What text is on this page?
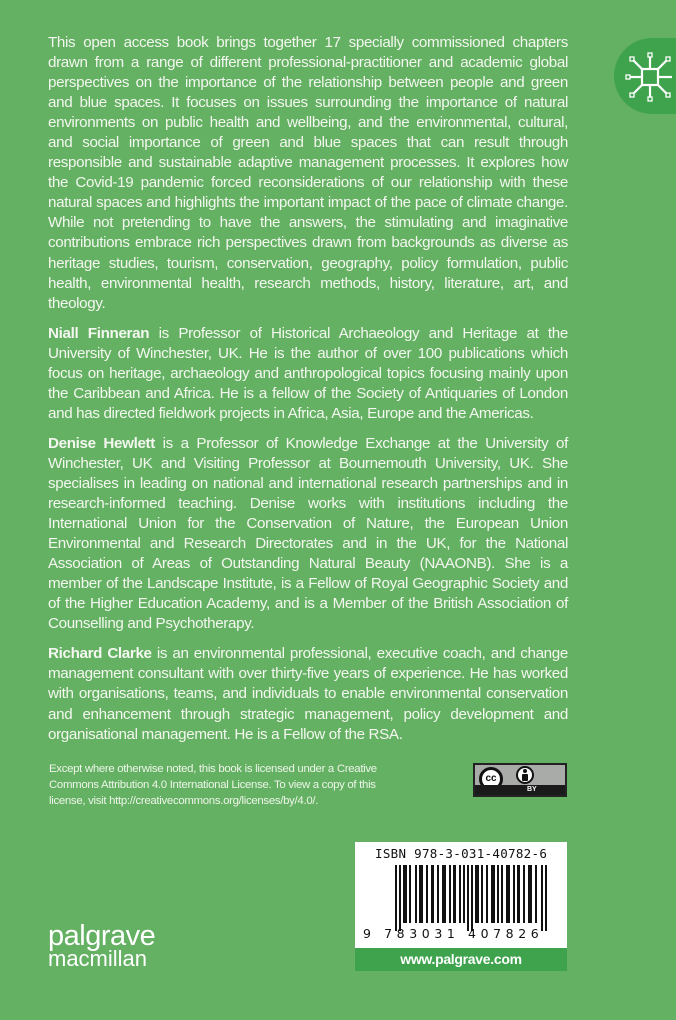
This open access book brings together 17 specially commissioned chapters drawn from a range of different professional-practitioner and academic global perspectives on the importance of the relationship between people and green and blue spaces. It focuses on issues surrounding the importance of natural environments on public health and wellbeing, and the environmental, cultural, and social importance of green and blue spaces that can result through responsible and sustainable adaptive management processes. It explores how the Covid-19 pandemic forced reconsiderations of our relationship with these natural spaces and highlights the important impact of the pace of climate change. While not pretending to have the answers, the stimulating and imaginative contributions embrace rich perspectives drawn from backgrounds as diverse as heritage studies, tourism, conservation, geography, policy formulation, public health, environmental health, research methods, history, literature, art, and theology.

Niall Finneran is Professor of Historical Archaeology and Heritage at the University of Winchester, UK. He is the author of over 100 publications which focus on heritage, archaeology and anthropological topics focusing mainly upon the Caribbean and Africa. He is a fellow of the Society of Antiquaries of London and has directed fieldwork projects in Africa, Asia, Europe and the Americas.

Denise Hewlett is a Professor of Knowledge Exchange at the University of Winchester, UK and Visiting Professor at Bournemouth University, UK. She specialises in leading on national and international research partnerships and in research-informed teaching. Denise works with institutions including the International Union for the Conservation of Nature, the European Union Environmental and Research Directorates and in the UK, for the National Association of Areas of Outstanding Natural Beauty (NAAONB). She is a member of the Landscape Institute, is a Fellow of Royal Geographic Society and of the Higher Education Academy, and is a Member of the British Association of Counselling and Psychotherapy.

Richard Clarke is an environmental professional, executive coach, and change management consultant with over thirty-five years of experience. He has worked with organisations, teams, and individuals to enable environmental conservation and enhancement through strategic management, policy development and organisational management. He is a Fellow of the RSA.

Except where otherwise noted, this book is licensed under a Creative Commons Attribution 4.0 International License. To view a copy of this license, visit http://creativecommons.org/licenses/by/4.0/.
cc
BY
ISBN 978-3-031-40782-6
9 783031 407826
www.palgrave.com
palgrave
macmillan
